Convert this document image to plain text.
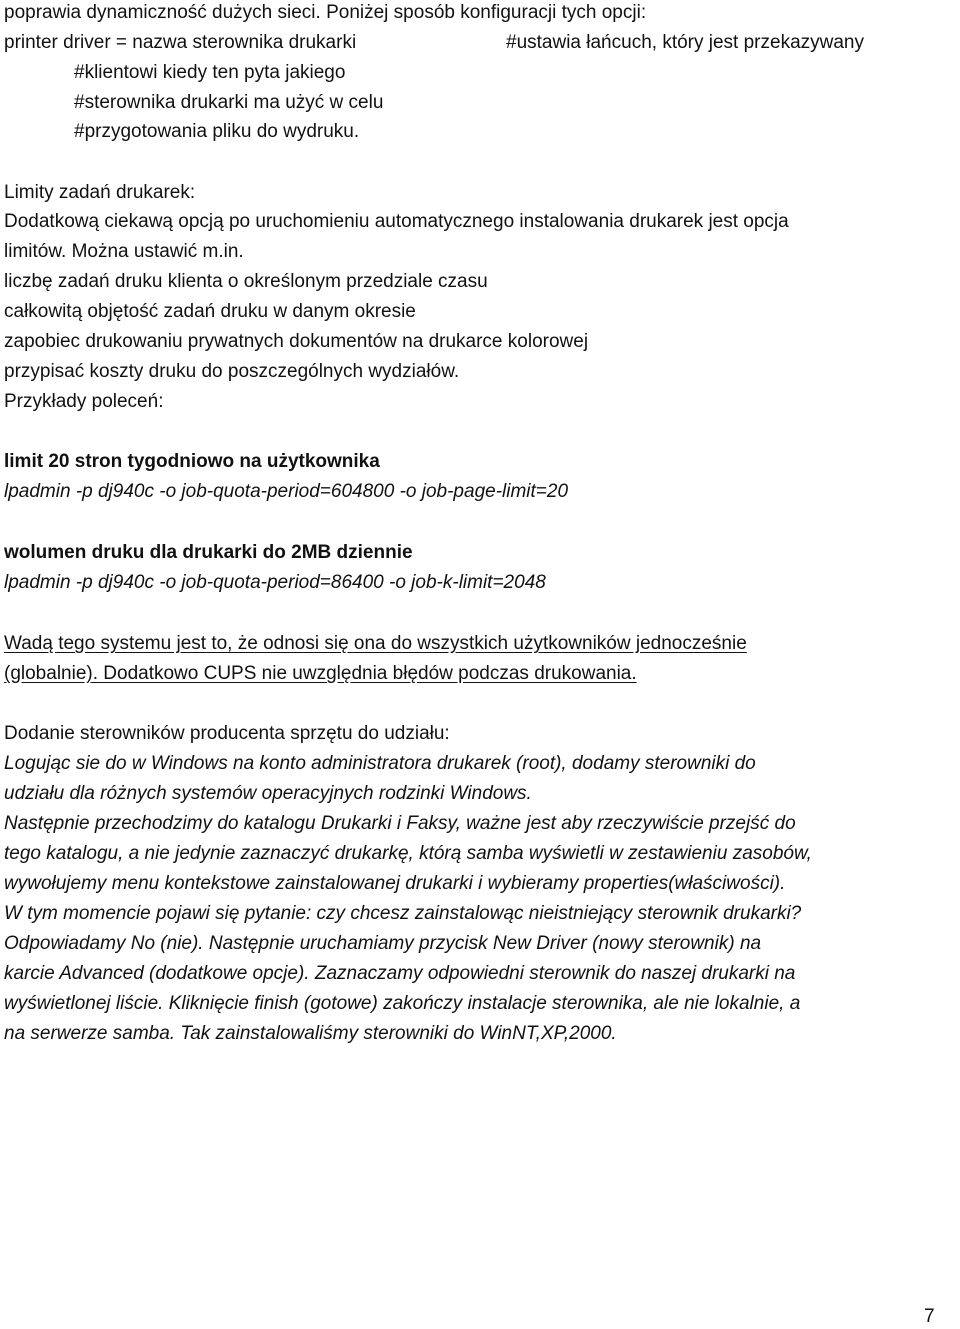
poprawia dynamiczność dużych sieci. Poniżej sposób konfiguracji tych opcji:
printer driver = nazwa sterownika drukarki	#ustawia łańcuch, który jest przekazywany
#klientowi kiedy ten pyta jakiego
#sterownika drukarki ma użyć w celu
#przygotowania pliku do wydruku.
Limity zadań drukarek:
Dodatkową ciekawą opcją po uruchomieniu automatycznego instalowania drukarek jest opcja
limitów. Można ustawić m.in.
liczbę zadań druku klienta o określonym przedziale czasu
całkowitą objętość zadań druku w danym okresie
zapobiec drukowaniu prywatnych dokumentów na drukarce kolorowej
przypisać koszty druku do poszczególnych wydziałów.
Przykłady poleceń:
limit 20 stron tygodniowo na użytkownika
lpadmin -p dj940c -o job-quota-period=604800 -o job-page-limit=20
wolumen druku dla drukarki do 2MB dziennie
lpadmin -p dj940c -o job-quota-period=86400 -o job-k-limit=2048
Wadą tego systemu jest to, że odnosi się ona do wszystkich użytkowników jednocześnie
(globalnie). Dodatkowo CUPS nie uwzględnia błędów podczas drukowania.
Dodanie sterowników producenta sprzętu do udziału:
Logując sie do w Windows na konto administratora drukarek (root), dodamy sterowniki do
udziału dla różnych systemów operacyjnych rodzinki Windows.
Następnie przechodzimy do katalogu Drukarki i Faksy, ważne jest aby rzeczywiście przejść do
tego katalogu, a nie jedynie zaznaczyć drukarkę, którą samba wyświetli w zestawieniu zasobów,
wywołujemy menu kontekstowe zainstalowanej drukarki i wybieramy properties(właściwości).
W tym momencie pojawi się pytanie: czy chcesz zainstalowąc nieistniejący sterownik drukarki?
Odpowiadamy No (nie). Następnie uruchamiamy przycisk New Driver (nowy sterownik) na
karcie Advanced (dodatkowe opcje). Zaznaczamy odpowiedni sterownik do naszej drukarki na
wyświetlonej liście. Kliknięcie finish (gotowe) zakończy instalacje sterownika, ale nie lokalnie, a
na serwerze samba. Tak zainstalowaliśmy sterowniki do WinNT,XP,2000.
7
